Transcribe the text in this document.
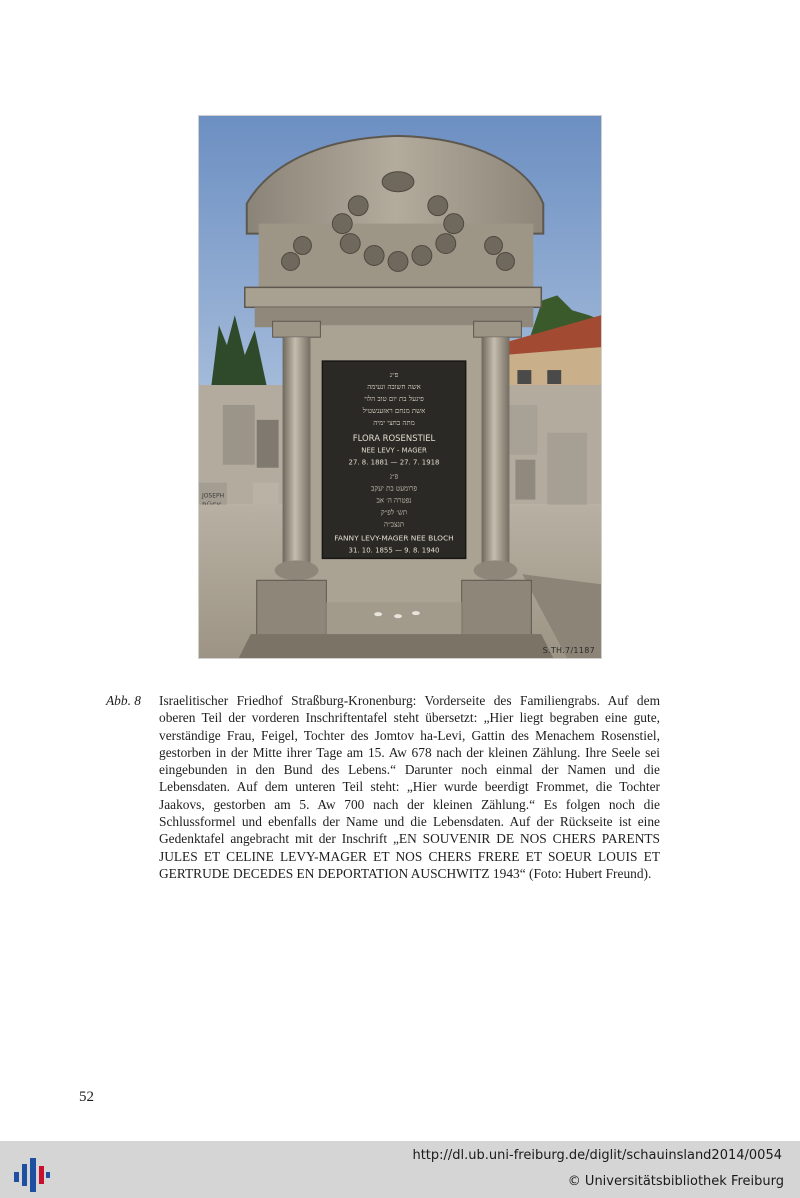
JOSEPH
פ״נ
אשה חשובה ונעימה
פיגעל בת יום טוב הלוי
אשת מנחם ראזענשטיל
מתה בחצי ימיה
FLORA ROSENSTIEL
NEE LEVY - MAGER
27. 8. 1881 — 27. 7. 1918
פ״נ
פרומעט בת יעקב
נפטרה ה׳ אב
תש׳ לפ״ק
תנצב״ה
FANNY LEVY-MAGER NEE BLOCH
31. 10. 1855 — 9. 8. 1940
S.TH.7/1187
Abb. 8 Israelitischer Friedhof Straßburg-Kronenburg: Vorderseite des Familiengrabs. Auf dem oberen Teil der vorderen Inschriftentafel steht übersetzt: „Hier liegt begraben eine gute, verständige Frau, Feigel, Tochter des Jomtov ha-Levi, Gattin des Menachem Rosenstiel, gestorben in der Mitte ihrer Tage am 15. Aw 678 nach der kleinen Zählung. Ihre Seele sei eingebunden in den Bund des Lebens.“ Darunter noch einmal der Namen und die Lebensdaten. Auf dem unteren Teil steht: „Hier wurde beerdigt Frommet, die Tochter Jaakovs, gestorben am 5. Aw 700 nach der kleinen Zählung.“ Es folgen noch die Schlussformel und ebenfalls der Name und die Lebensdaten. Auf der Rückseite ist eine Gedenktafel angebracht mit der Inschrift „EN SOUVENIR DE NOS CHERS PARENTS JULES ET CELINE LEVY-MAGER ET NOS CHERS FRERE ET SOEUR LOUIS ET GERTRUDE DECEDES EN DEPORTATION AUSCHWITZ 1943“ (Foto: Hubert Freund).

52
http://dl.ub.uni-freiburg.de/diglit/schauinsland2014/0054
© Universitätsbibliothek Freiburg
